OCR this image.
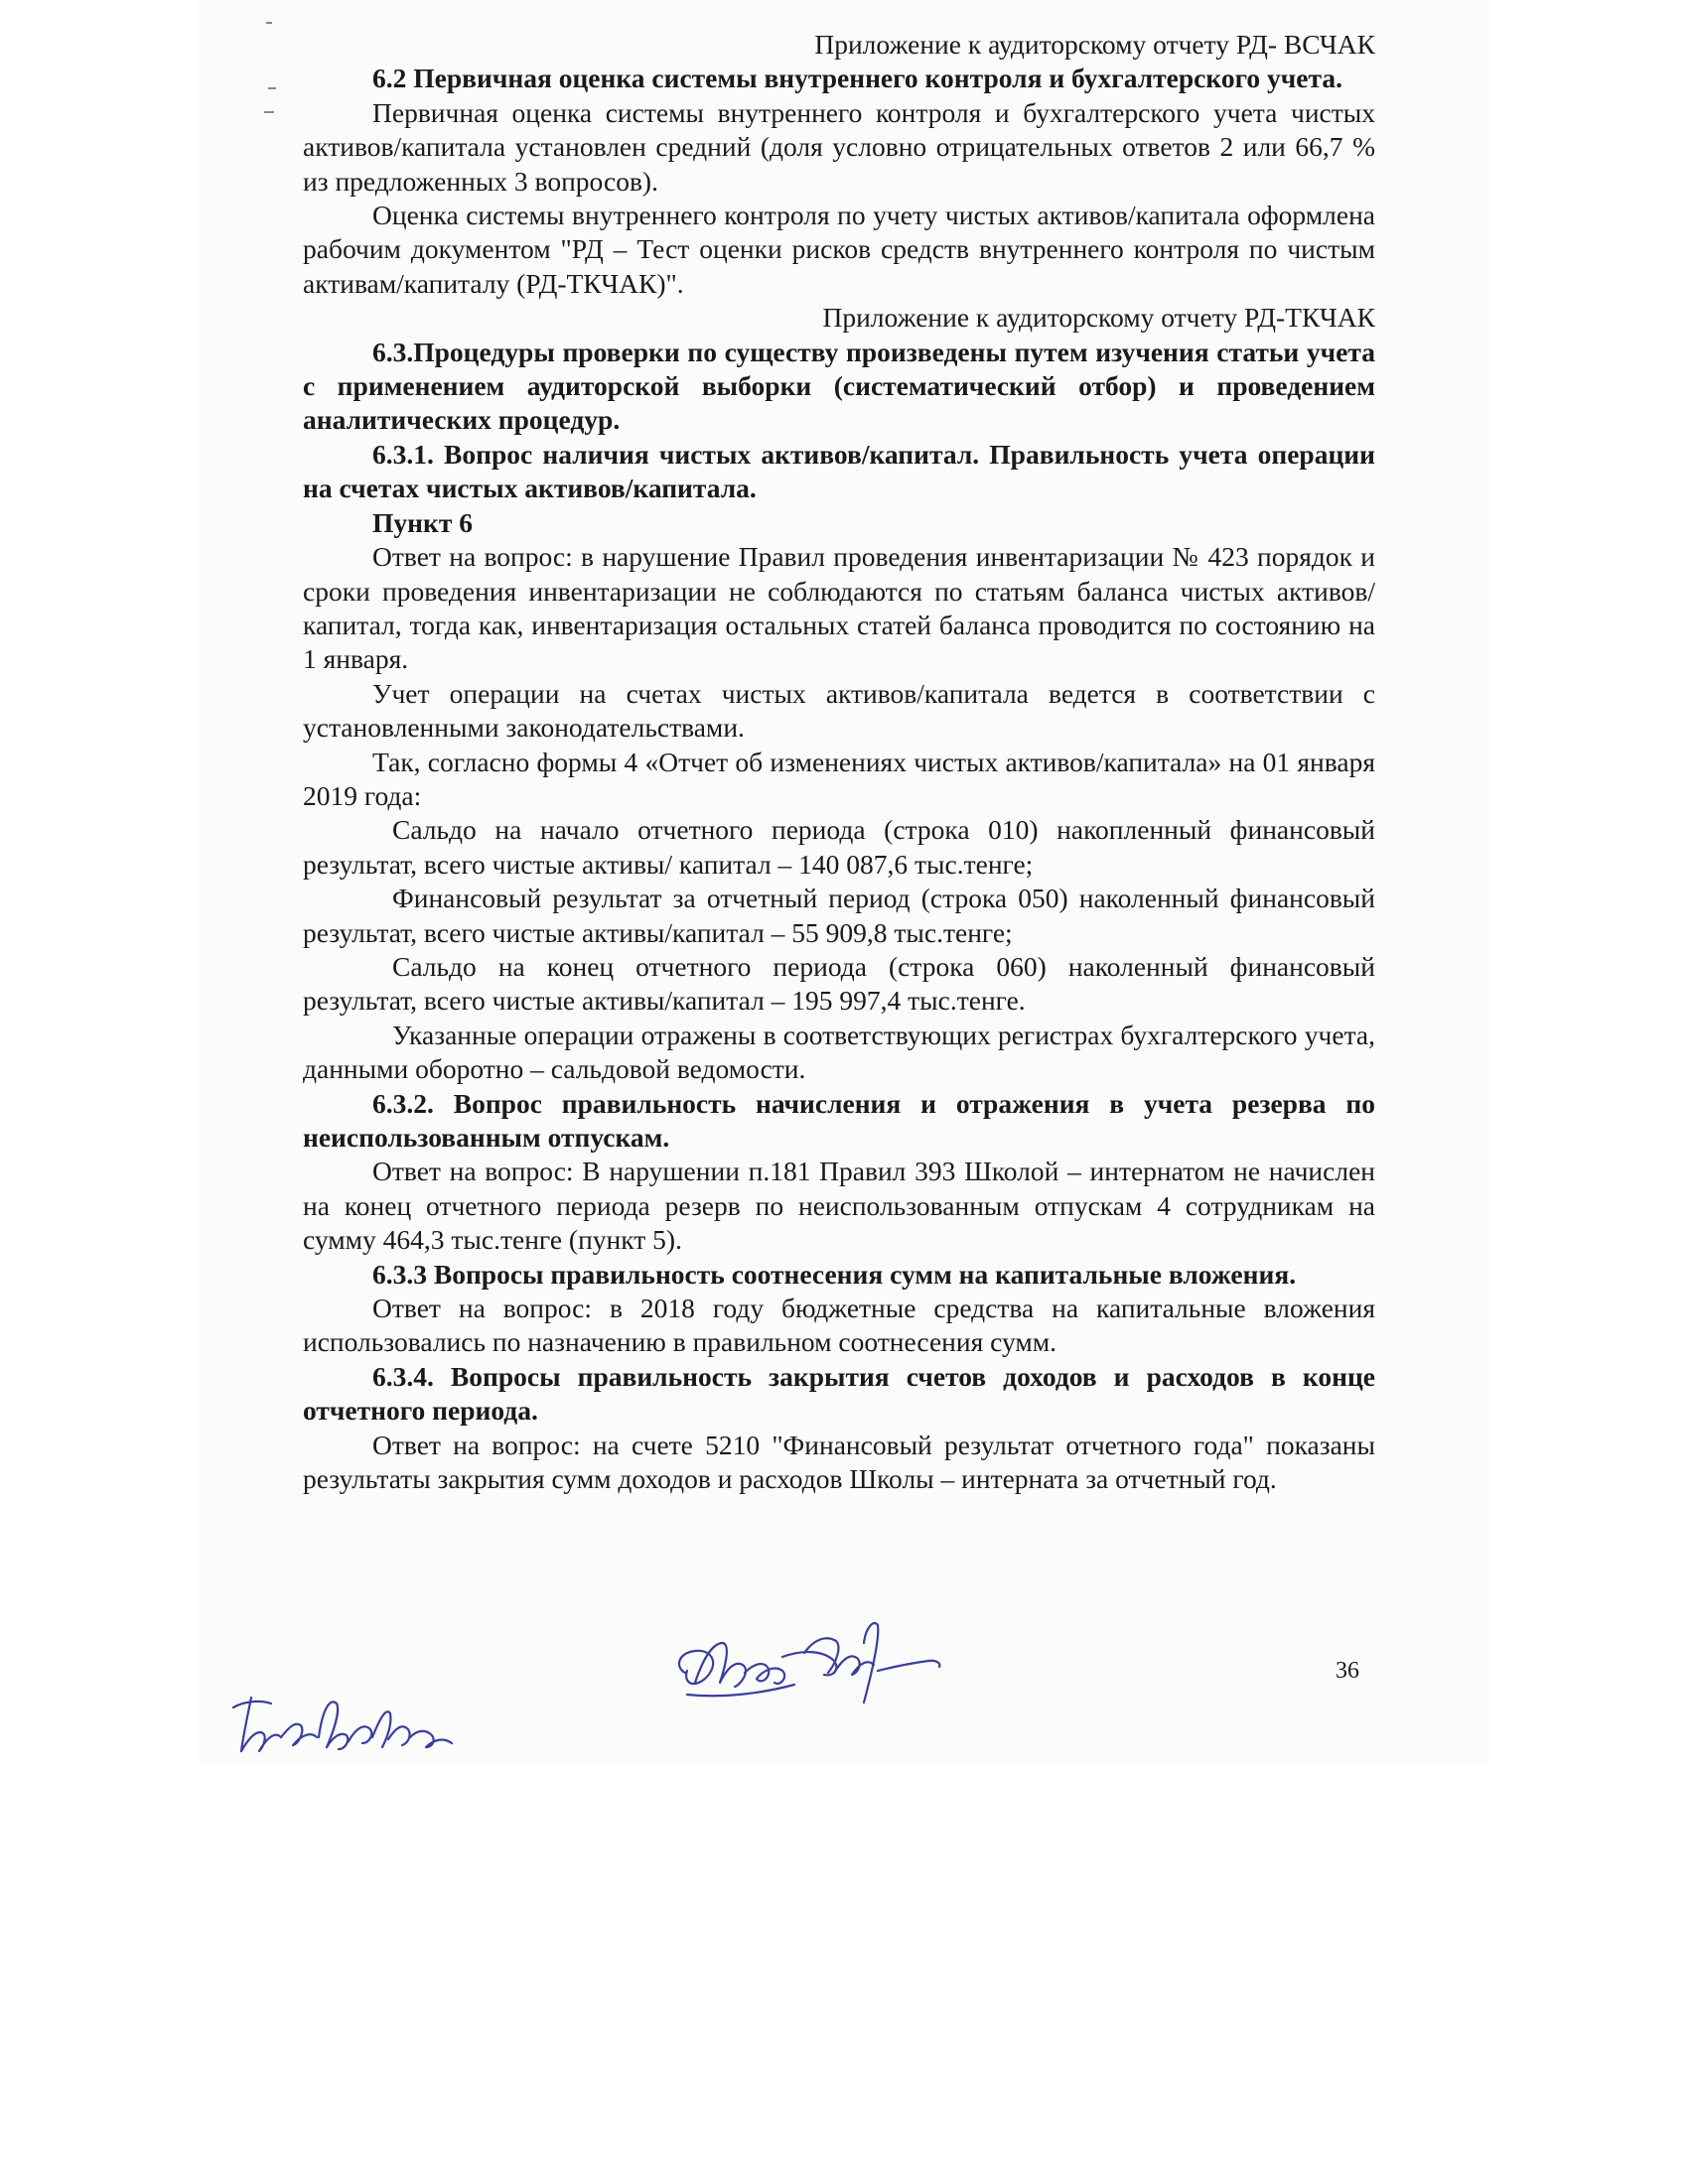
Приложение к аудиторскому отчету РД- ВСЧАК

6.2 Первичная оценка системы внутреннего контроля и бухгалтерского учета.

Первичная оценка системы внутреннего контроля и бухгалтерского учета чистых активов/капитала установлен средний (доля условно отрицательных ответов 2 или 66,7 % из предложенных 3 вопросов).

Оценка системы внутреннего контроля по учету чистых активов/капитала оформлена рабочим документом "РД – Тест оценки рисков средств внутреннего контроля по чистым активам/капиталу (РД-ТКЧАК)".

Приложение к аудиторскому отчету РД-ТКЧАК

6.3.Процедуры проверки по существу произведены путем изучения статьи учета с применением аудиторской выборки (систематический отбор) и проведением аналитических процедур.

6.3.1. Вопрос наличия чистых активов/капитал. Правильность учета операции на счетах чистых активов/капитала.

Пункт 6

Ответ на вопрос: в нарушение Правил проведения инвентаризации № 423 порядок и сроки проведения инвентаризации не соблюдаются по статьям баланса чистых активов/капитал, тогда как, инвентаризация остальных статей баланса проводится по состоянию на 1 января.

Учет операции на счетах чистых активов/капитала ведется в соответствии с установленными законодательствами.

Так, согласно формы 4 «Отчет об изменениях чистых активов/капитала» на 01 января 2019 года:

Сальдо на начало отчетного периода (строка 010) накопленный финансовый результат, всего чистые активы/ капитал – 140 087,6 тыс.тенге;

Финансовый результат за отчетный период (строка 050) наколенный финансовый результат, всего чистые активы/капитал – 55 909,8 тыс.тенге;

Сальдо на конец отчетного периода (строка 060) наколенный финансовый результат, всего чистые активы/капитал – 195 997,4 тыс.тенге.

Указанные операции отражены в соответствующих регистрах бухгалтерского учета, данными оборотно – сальдовой ведомости.

6.3.2. Вопрос правильность начисления и отражения в учета резерва по неиспользованным отпускам.

Ответ на вопрос: В нарушении п.181 Правил 393 Школой – интернатом не начислен на конец отчетного периода резерв по неиспользованным отпускам 4 сотрудникам на сумму 464,3 тыс.тенге (пункт 5).

6.3.3 Вопросы правильность соотнесения сумм на капитальные вложения.

Ответ на вопрос: в 2018 году бюджетные средства на капитальные вложения использовались по назначению в правильном соотнесения сумм.

6.3.4. Вопросы правильность закрытия счетов доходов и расходов в конце отчетного периода.

Ответ на вопрос: на счете 5210 "Финансовый результат отчетного года" показаны результаты закрытия сумм доходов и расходов Школы – интерната за отчетный год.

36
